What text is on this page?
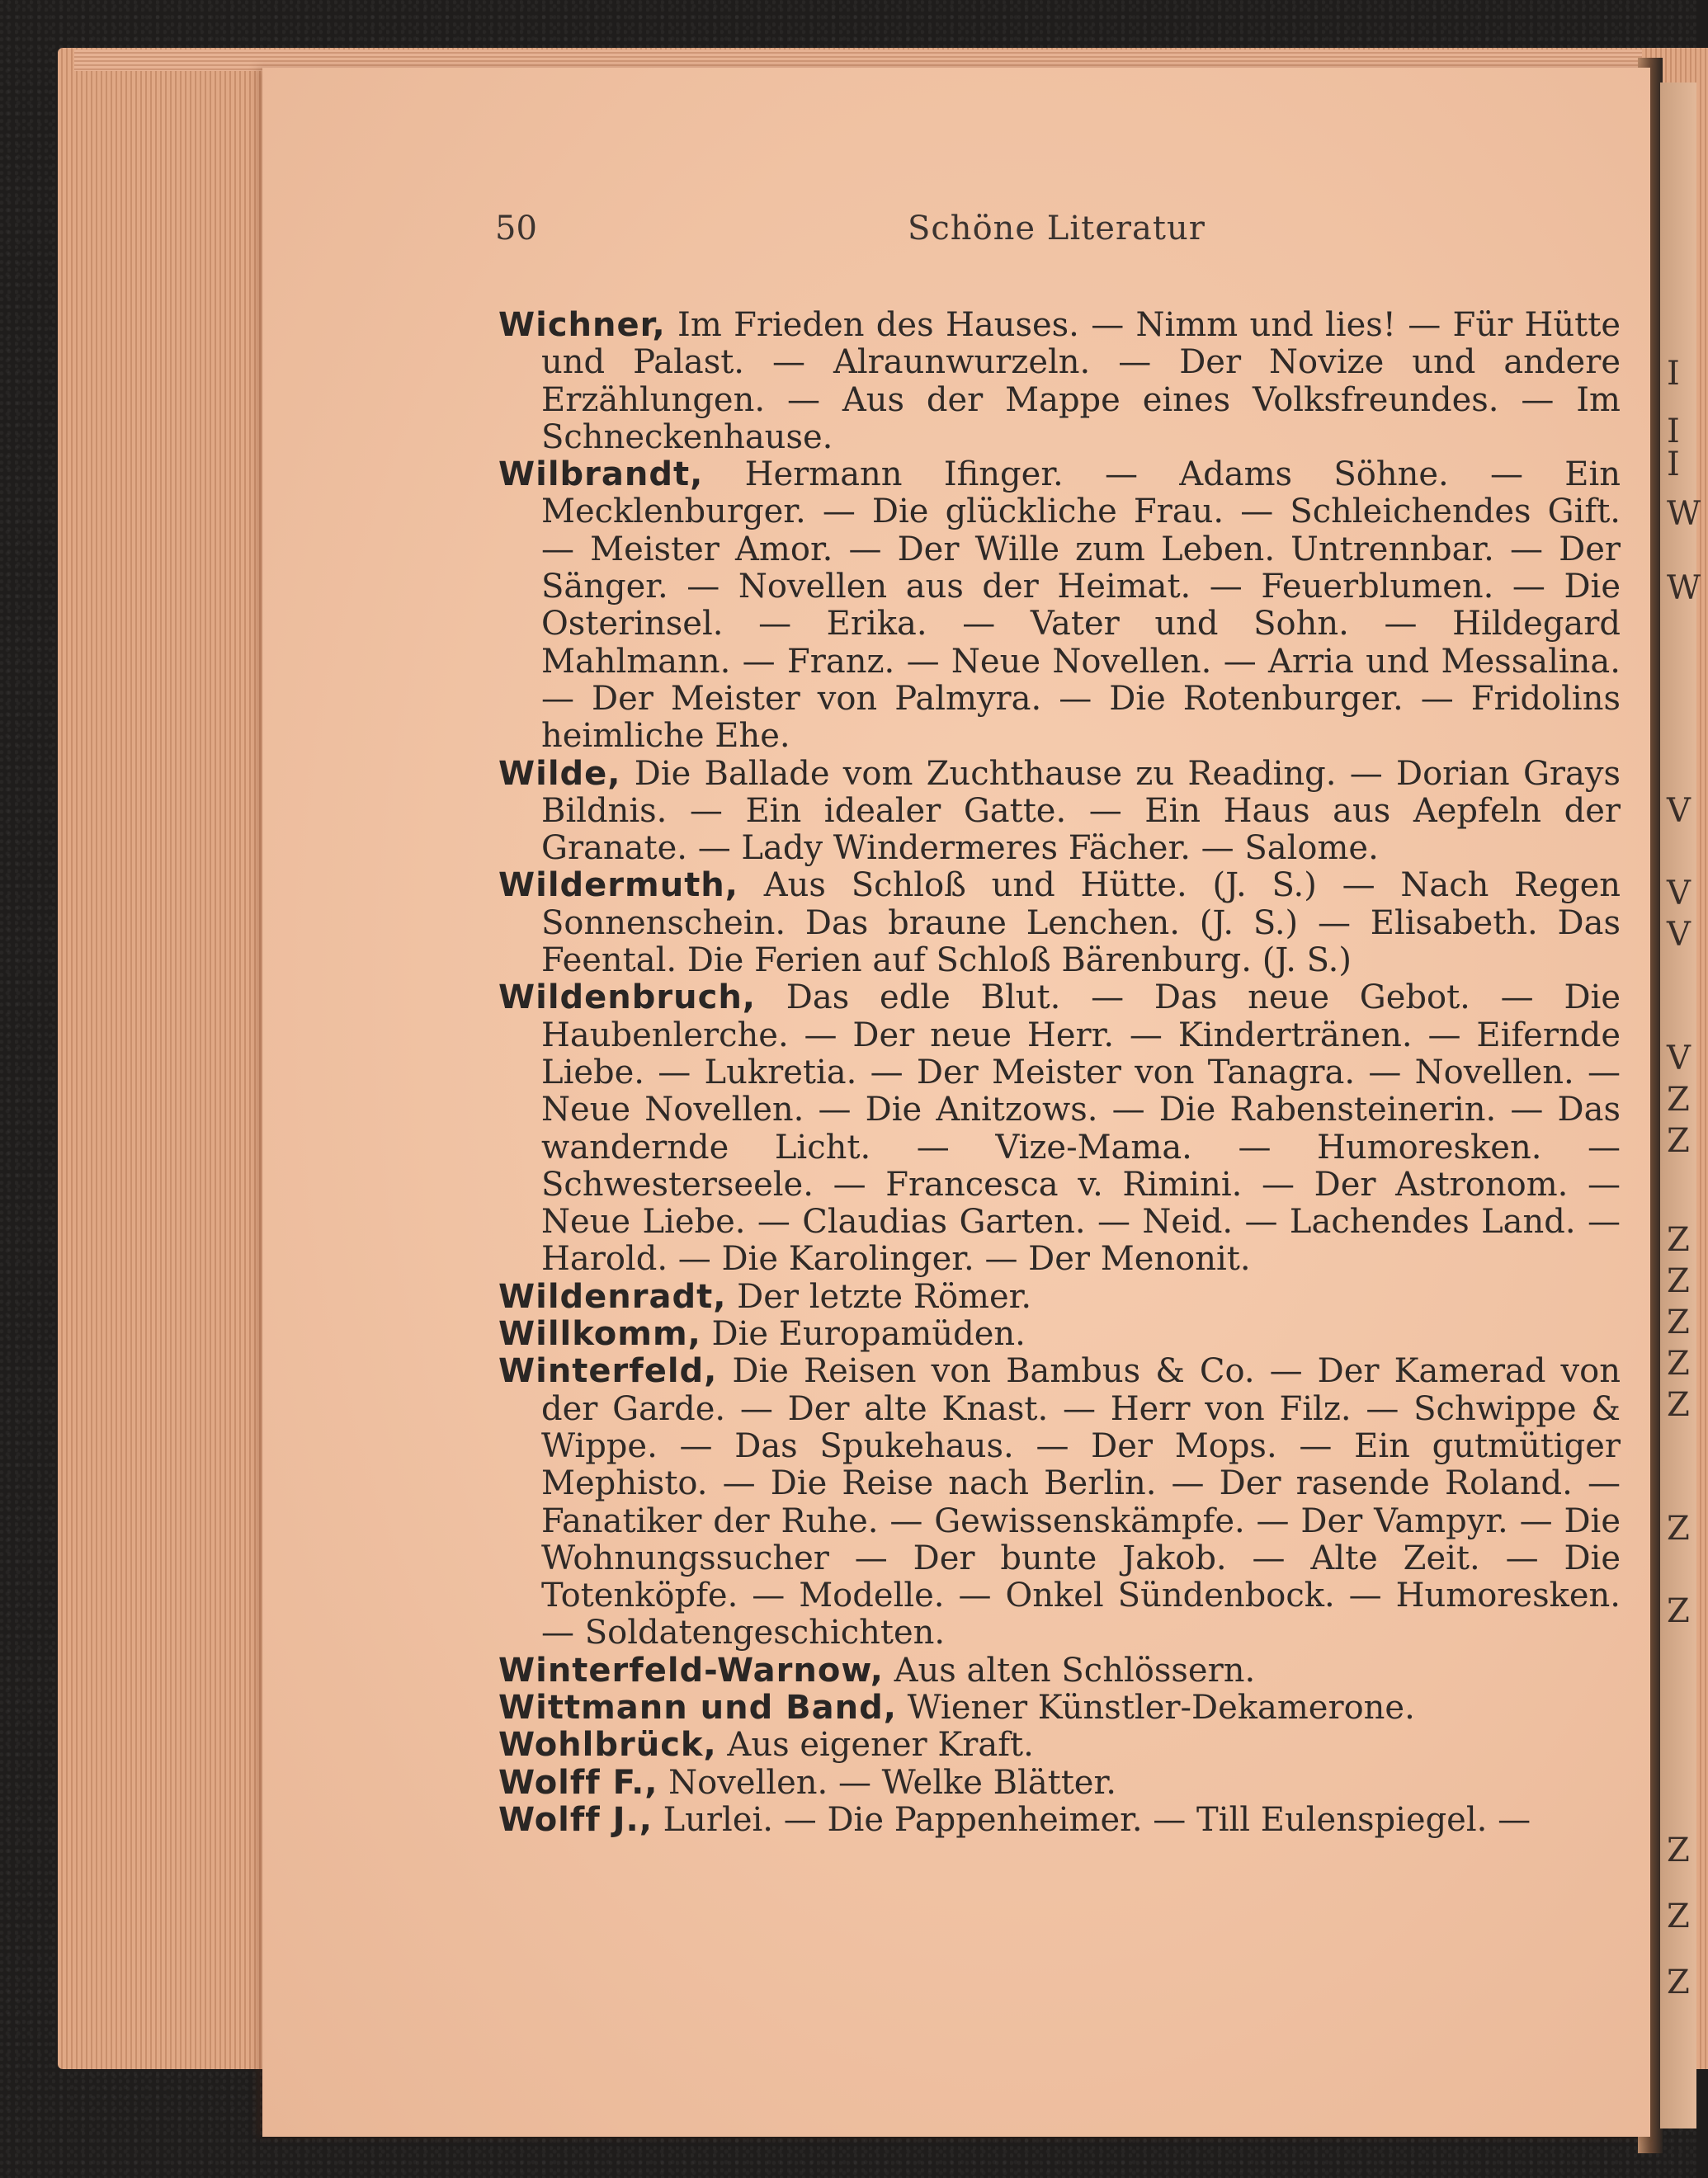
I
I
I
W
W
V
V
V
V
Z
Z
Z
Z
Z
Z
Z
Z
Z
Z
Z
Z
50	Schöne Literatur
Wichner, Im Frieden des Hauses. — Nimm und lies! — Für Hütte und Palast. — Alraunwurzeln. — Der Novize und andere Erzählungen. — Aus der Mappe eines Volksfreundes. — Im Schneckenhause.
Wilbrandt, Hermann Ifinger. — Adams Söhne. — Ein Mecklenburger. — Die glückliche Frau. — Schleichendes Gift. — Meister Amor. — Der Wille zum Leben. Untrennbar. — Der Sänger. — Novellen aus der Heimat. — Feuerblumen. — Die Osterinsel. — Erika. — Vater und Sohn. — Hildegard Mahlmann. — Franz. — Neue Novellen. — Arria und Messalina. — Der Meister von Palmyra. — Die Rotenburger. — Fridolins heimliche Ehe.
Wilde, Die Ballade vom Zuchthause zu Reading. — Dorian Grays Bildnis. — Ein idealer Gatte. — Ein Haus aus Aepfeln der Granate. — Lady Windermeres Fächer. — Salome.
Wildermuth, Aus Schloß und Hütte. (J. S.) — Nach Regen Sonnenschein. Das braune Lenchen. (J. S.) — Elisabeth. Das Feental. Die Ferien auf Schloß Bärenburg. (J. S.)
Wildenbruch, Das edle Blut. — Das neue Gebot. — Die Haubenlerche. — Der neue Herr. — Kindertränen. — Eifernde Liebe. — Lukretia. — Der Meister von Tanagra. — Novellen. — Neue Novellen. — Die Anitzows. — Die Rabensteinerin. — Das wandernde Licht. — Vize-Mama. — Humoresken. — Schwesterseele. — Francesca v. Rimini. — Der Astronom. — Neue Liebe. — Claudias Garten. — Neid. — Lachendes Land. — Harold. — Die Karolinger. — Der Menonit.
Wildenradt, Der letzte Römer.
Willkomm, Die Europamüden.
Winterfeld, Die Reisen von Bambus & Co. — Der Kamerad von der Garde. — Der alte Knast. — Herr von Filz. — Schwippe & Wippe. — Das Spukehaus. — Der Mops. — Ein gutmütiger Mephisto. — Die Reise nach Berlin. — Der rasende Roland. — Fanatiker der Ruhe. — Gewissenskämpfe. — Der Vampyr. — Die Wohnungssucher — Der bunte Jakob. — Alte Zeit. — Die Totenköpfe. — Modelle. — Onkel Sündenbock. — Humoresken. — Soldatengeschichten.
Winterfeld-Warnow, Aus alten Schlössern.
Wittmann und Band, Wiener Künstler-Dekamerone.
Wohlbrück, Aus eigener Kraft.
Wolff F., Novellen. — Welke Blätter.
Wolff J., Lurlei. — Die Pappenheimer. — Till Eulenspiegel. —
